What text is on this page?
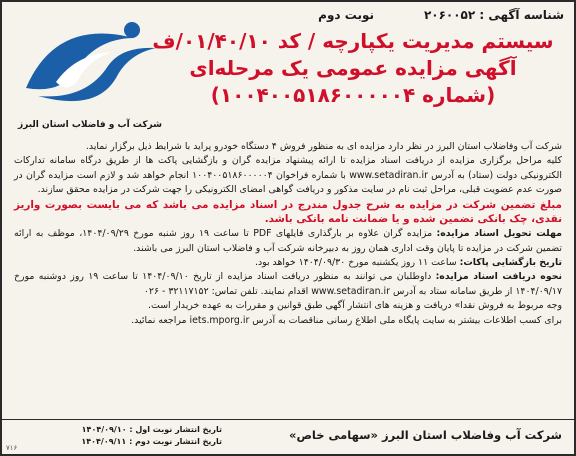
شناسه آگهی : ۲۰۶۰۰۵۲
نوبت دوم
شرکت آب و فاضلاب استان البرز
سیستم مدیریت یکپارچه / کد ۰۱/۴۰/۱۰/ف
آگهی مزایده عمومی یک مرحله‌ای
(شماره ۱۰۰۴۰۰۵۱۸۶۰۰۰۰۰۴)

شرکت آب وفاضلاب استان البرز در نظر دارد مزایده ای به منظور فروش ۴ دستگاه خودرو پراید با شرایط ذیل برگزار نماید.

کلیه مراحل برگزاری مزایده از دریافت اسناد مزایده تا ارائه پیشنهاد مزایده گران و بازگشایی پاکت ها از طریق درگاه سامانه تدارکات الکترونیکی دولت (ستاد) به آدرس www.setadiran.ir با شماره فراخوان ۱۰۰۴۰۰۵۱۸۶۰۰۰۰۰۴ انجام خواهد شد و لازم است مزایده گران در صورت عدم عضویت قبلی، مراحل ثبت نام در سایت مذکور و دریافت گواهی امضای الکترونیکی را جهت شرکت در مزایده محقق سازند.

مبلغ تضمین شرکت در مزایده به شرح جدول مندرج در اسناد مزایده می باشد که می بایست بصورت واریز نقدی، چک بانکی تضمین شده و یا ضمانت نامه بانکی باشد.

مهلت تحویل اسناد مزایده: مزایده گران علاوه بر بارگذاری فایلهای PDF تا ساعت ۱۹ روز شنبه مورخ ۱۴۰۴/۰۹/۲۹، موظف به ارائه تضمین شرکت در مزایده تا پایان وقت اداری همان روز به دبیرخانه شرکت آب و فاضلاب استان البرز می باشند.

تاریخ بازگشایی پاکات: ساعت ۱۱ روز یکشنبه مورخ ۱۴۰۴/۰۹/۳۰ خواهد بود.

نحوه دریافت اسناد مزایده: داوطلبان می توانند به منظور دریافت اسناد مزایده از تاریخ ۱۴۰۴/۰۹/۱۰ تا ساعت ۱۹ روز دوشنبه مورخ ۱۴۰۴/۰۹/۱۷ از طریق سامانه ستاد به آدرس www.setadiran.ir اقدام نمایند. تلفن تماس: ۳۲۱۱۷۱۵۲ - ۰۲۶

وجه مربوط به فروش نقدا» دریافت و هزینه های انتشار آگهی طبق قوانین و مقررات به عهده خریدار است.

برای کسب اطلاعات بیشتر به سایت پایگاه ملی اطلاع رسانی مناقصات به آدرس iets.mporg.ir مراجعه نمائید.

شرکت آب وفاضلاب استان البرز «سهامی خاص»
تاریخ انتشار نوبت اول : ۱۴۰۴/۰۹/۱۰
تاریخ انتشار نوبت دوم : ۱۴۰۴/۰۹/۱۱
۷۱۶
